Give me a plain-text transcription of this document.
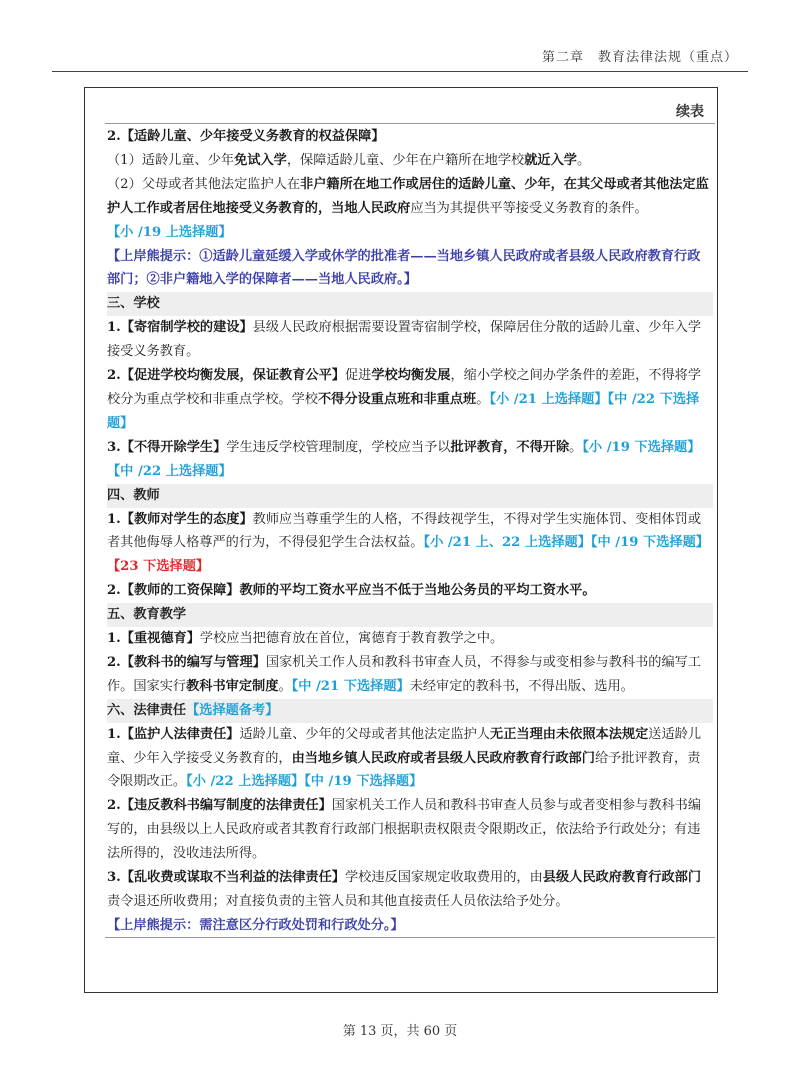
第二章　教育法律法规（重点）
续表

2.【适龄儿童、少年接受义务教育的权益保障】

（1）适龄儿童、少年免试入学，保障适龄儿童、少年在户籍所在地学校就近入学。

（2）父母或者其他法定监护人在非户籍所在地工作或居住的适龄儿童、少年，在其父母或者其他法定监护人工作或者居住地接受义务教育的，当地人民政府应当为其提供平等接受义务教育的条件。

【小 /19 上选择题】

【上岸熊提示：①适龄儿童延缓入学或休学的批准者——当地乡镇人民政府或者县级人民政府教育行政部门；②非户籍地入学的保障者——当地人民政府。】

三、学校

1.【寄宿制学校的建设】县级人民政府根据需要设置寄宿制学校，保障居住分散的适龄儿童、少年入学接受义务教育。

2.【促进学校均衡发展，保证教育公平】促进学校均衡发展，缩小学校之间办学条件的差距，不得将学校分为重点学校和非重点学校。学校不得分设重点班和非重点班。【小 /21 上选择题】【中 /22 下选择题】

3.【不得开除学生】学生违反学校管理制度，学校应当予以批评教育，不得开除。【小 /19 下选择题】【中 /22 上选择题】

四、教师

1.【教师对学生的态度】教师应当尊重学生的人格，不得歧视学生，不得对学生实施体罚、变相体罚或者其他侮辱人格尊严的行为，不得侵犯学生合法权益。【小 /21 上、22 上选择题】【中 /19 下选择题】【23 下选择题】

2.【教师的工资保障】教师的平均工资水平应当不低于当地公务员的平均工资水平。

五、教育教学

1.【重视德育】学校应当把德育放在首位，寓德育于教育教学之中。

2.【教科书的编写与管理】国家机关工作人员和教科书审查人员，不得参与或变相参与教科书的编写工作。国家实行教科书审定制度。【中 /21 下选择题】未经审定的教科书，不得出版、选用。

六、法律责任【选择题备考】

1.【监护人法律责任】适龄儿童、少年的父母或者其他法定监护人无正当理由未依照本法规定送适龄儿童、少年入学接受义务教育的，由当地乡镇人民政府或者县级人民政府教育行政部门给予批评教育，责令限期改正。【小 /22 上选择题】【中 /19 下选择题】

2.【违反教科书编写制度的法律责任】国家机关工作人员和教科书审查人员参与或者变相参与教科书编写的，由县级以上人民政府或者其教育行政部门根据职责权限责令限期改正，依法给予行政处分；有违法所得的，没收违法所得。

3.【乱收费或谋取不当利益的法律责任】学校违反国家规定收取费用的，由县级人民政府教育行政部门责令退还所收费用；对直接负责的主管人员和其他直接责任人员依法给予处分。

【上岸熊提示：需注意区分行政处罚和行政处分。】

第 13 页，共 60 页
